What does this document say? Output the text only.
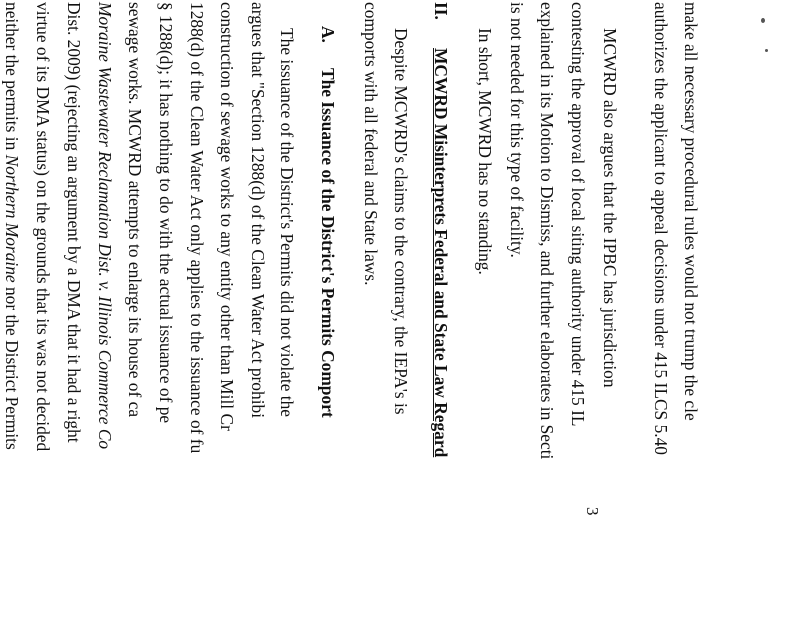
make all necessary procedural rules would not trump the cle
authorizes the applicant to appeal decisions under 415 ILCS 5.40
MCWRD also argues that the IPBC has jurisdiction
contesting the approval of local siting authority under 415 IL
explained in its Motion to Dismiss, and further elaborates in Secti
is not needed for this type of facility.
In short, MCWRD has no standing.
II.MCWRD Misinterprets Federal and State Law Regard
Despite MCWRD's claims to the contrary, the IEPA's is
comports with all federal and State laws.
A.The Issuance of the District's Permits Comport
The issuance of the District's Permits did not violate the
argues that "Section 1288(d) of the Clean Water Act prohibi
construction of sewage works to any entity other than Mill Cr
1288(d) of the Clean Water Act only applies to the issuance of fu
§ 1288(d); it has nothing to do with the actual issuance of pe
sewage works. MCWRD attempts to enlarge its house of ca
Moraine Wastewater Reclamation Dist. v. Illinois Commerce Co
Dist. 2009) (rejecting an argument by a DMA that it had a right
virtue of its DMA status) on the grounds that its was not decided
neither the permits in Northern Moraine nor the District Permits
3
